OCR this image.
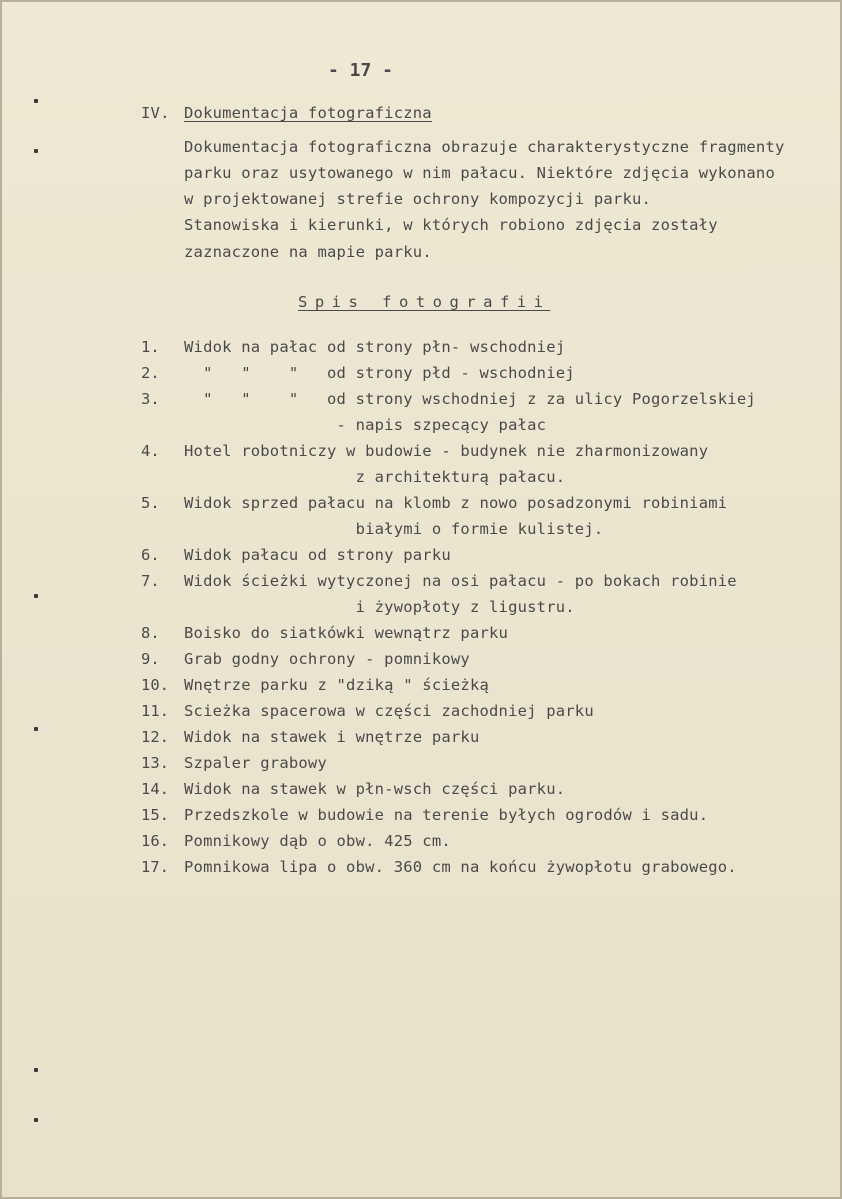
- 17 -
IV. Dokumentacja fotograficzna
Dokumentacja fotograficzna obrazuje charakterystyczne fragmenty
parku oraz usytowanego w nim pałacu. Niektóre zdjęcia wykonano
w projektowanej strefie ochrony kompozycji parku.
Stanowiska i kierunki, w których robiono zdjęcia zostały
zaznaczone na mapie parku.
Spis fotografii
1. Widok na pałac od strony płn- wschodniej
2. "   "    "   od strony płd - wschodniej
3. "   "    "   od strony wschodniej z za ulicy Pogorzelskiej
- napis szpecący pałac
4. Hotel robotniczy w budowie - budynek nie zharmonizowany
z architekturą pałacu.
5. Widok sprzed pałacu na klomb z nowo posadzonymi robiniami
białymi o formie kulistej.
6. Widok pałacu od strony parku
7. Widok ścieżki wytyczonej na osi pałacu - po bokach robinie
i żywopłoty z ligustru.
8. Boisko do siatkówki wewnątrz parku
9. Grab godny ochrony - pomnikowy
10. Wnętrze parku z "dziką " ścieżką
11. Scieżka spacerowa w części zachodniej parku
12. Widok na stawek i wnętrze parku
13. Szpaler grabowy
14. Widok na stawek w płn-wsch części parku.
15. Przedszkole w budowie na terenie byłych ogrodów i sadu.
16. Pomnikowy dąb o obw. 425 cm.
17. Pomnikowa lipa o obw. 360 cm na końcu żywopłotu grabowego.
